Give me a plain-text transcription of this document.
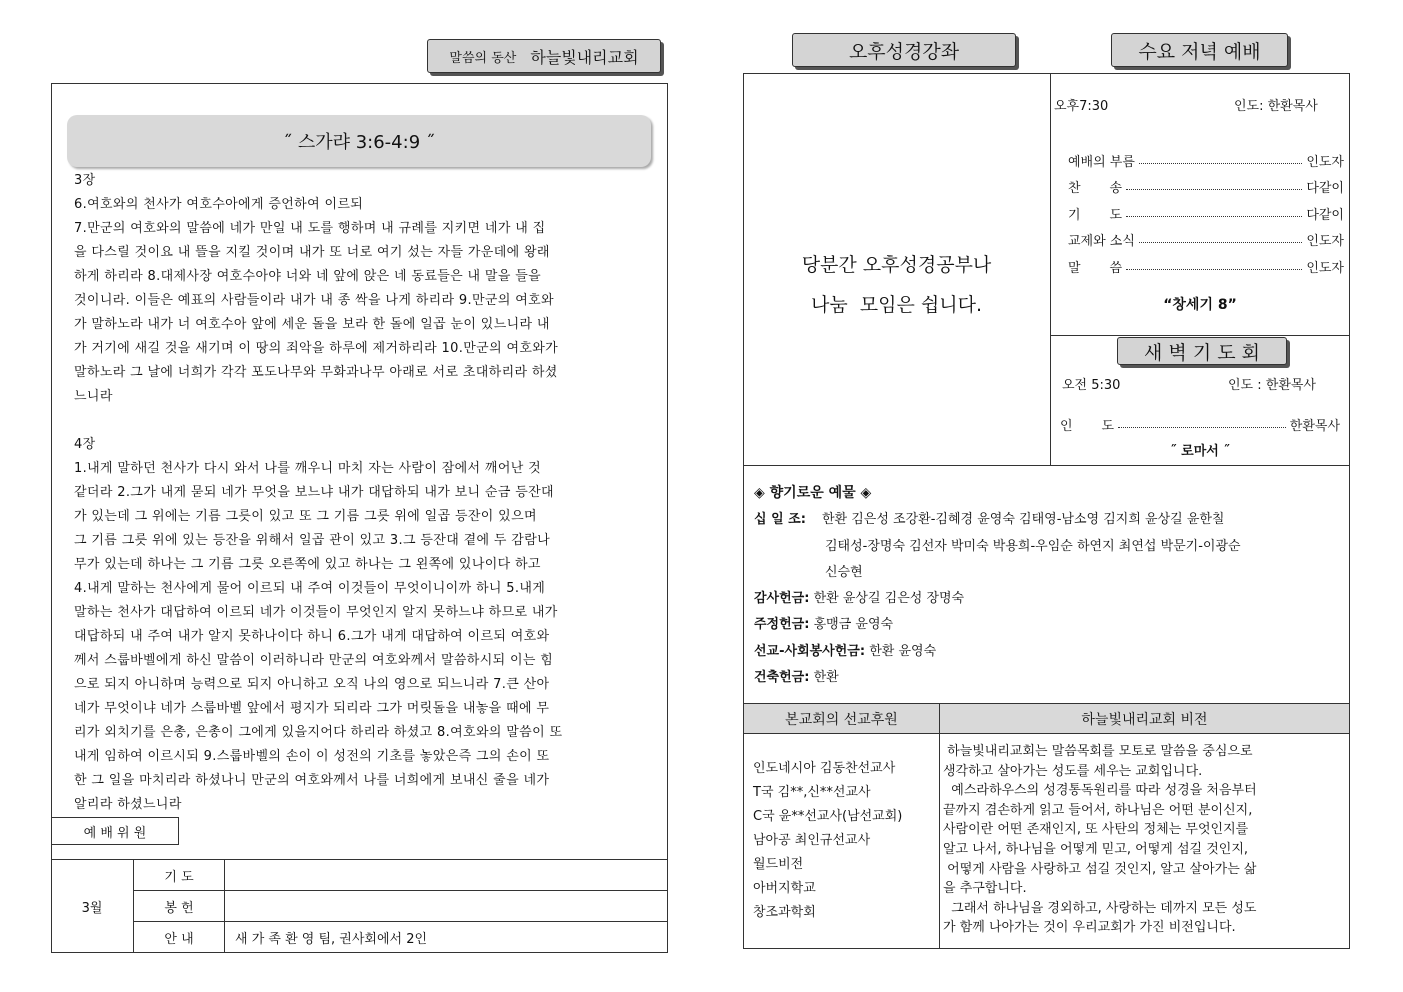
말씀의 동산 하늘빛내리교회
˝ 스가랴 3:6-4:9 ˝
3장
6.여호와의 천사가 여호수아에게 증언하여 이르되
7.만군의 여호와의 말씀에 네가 만일 내 도를 행하며 내 규례를 지키면 네가 내 집
을 다스릴 것이요 내 뜰을 지킬 것이며 내가 또 너로 여기 섰는 자들 가운데에 왕래
하게 하리라 8.대제사장 여호수아야 너와 네 앞에 앉은 네 동료들은 내 말을 들을
것이니라. 이들은 예표의 사람들이라 내가 내 종 싹을 나게 하리라 9.만군의 여호와
가 말하노라 내가 너 여호수아 앞에 세운 돌을 보라 한 돌에 일곱 눈이 있느니라 내
가 거기에 새길 것을 새기며 이 땅의 죄악을 하루에 제거하리라 10.만군의 여호와가
말하노라 그 날에 너희가 각각 포도나무와 무화과나무 아래로 서로 초대하리라 하셨
느니라
4장
1.내게 말하던 천사가 다시 와서 나를 깨우니 마치 자는 사람이 잠에서 깨어난 것
같더라 2.그가 내게 묻되 네가 무엇을 보느냐 내가 대답하되 내가 보니 순금 등잔대
가 있는데 그 위에는 기름 그릇이 있고 또 그 기름 그릇 위에 일곱 등잔이 있으며
그 기름 그릇 위에 있는 등잔을 위해서 일곱 관이 있고 3.그 등잔대 곁에 두 감람나
무가 있는데 하나는 그 기름 그릇 오른쪽에 있고 하나는 그 왼쪽에 있나이다 하고
4.내게 말하는 천사에게 물어 이르되 내 주여 이것들이 무엇이니이까 하니 5.내게
말하는 천사가 대답하여 이르되 네가 이것들이 무엇인지 알지 못하느냐 하므로 내가
대답하되 내 주여 내가 알지 못하나이다 하니 6.그가 내게 대답하여 이르되 여호와
께서 스룹바벨에게 하신 말씀이 이러하니라 만군의 여호와께서 말씀하시되 이는 힘
으로 되지 아니하며 능력으로 되지 아니하고 오직 나의 영으로 되느니라 7.큰 산아
네가 무엇이냐 네가 스룹바벨 앞에서 평지가 되리라 그가 머릿돌을 내놓을 때에 무
리가 외치기를 은총, 은총이 그에게 있을지어다 하리라 하셨고 8.여호와의 말씀이 또
내게 임하여 이르시되 9.스룹바벨의 손이 이 성전의 기초를 놓았은즉 그의 손이 또
한 그 일을 마치리라 하셨나니 만군의 여호와께서 나를 너희에게 보내신 줄을 네가
알리라 하셨느니라
예 배 위 원
3월	기 도	
	봉 헌	
	안 내	새 가 족 환 영 팀, 권사회에서 2인
오후성경강좌	수요 저녁 예배
당분간 오후성경공부나
나눔  모임은 쉽니다.
오후7:30	인도: 한환목사
예배의 부름	인도자
찬       송	다같이
기       도	다같이
교제와 소식	인도자
말       씀	인도자
“창세기 8”
새 벽 기 도 회
오전 5:30	인도 : 한환목사
인       도	한환목사
˝ 로마서 ˝
◈ 향기로운 예물 ◈
십 일 조: 한환 김은성 조강환-김혜경 윤영숙 김태영-남소영 김지희 윤상길 윤한칠
김태성-장명숙 김선자 박미숙 박용희-우임순 하연지 최연섭 박문기-이광순
신승현
감사헌금: 한환 윤상길 김은성 장명숙
주정헌금: 홍맹금 윤영숙
선교-사회봉사헌금: 한환 윤영숙
건축헌금: 한환
본교회의 선교후원	하늘빛내리교회 비전
인도네시아 김동찬선교사
T국 김**,신**선교사
C국 윤**선교사(남선교회)
남아공 최인규선교사
월드비전
아버지학교
창조과학회
하늘빛내리교회는 말씀목회를 모토로 말씀을 중심으로
생각하고 살아가는 성도를 세우는 교회입니다.
예스라하우스의 성경통독원리를 따라 성경을 처음부터
끝까지 겸손하게 읽고 들어서, 하나님은 어떤 분이신지,
사람이란 어떤 존재인지, 또 사탄의 정체는 무엇인지를
알고 나서, 하나님을 어떻게 믿고, 어떻게 섬길 것인지,
어떻게 사람을 사랑하고 섬길 것인지, 알고 살아가는 삶
을 추구합니다.
그래서 하나님을 경외하고, 사랑하는 데까지 모든 성도
가 함께 나아가는 것이 우리교회가 가진 비전입니다.
